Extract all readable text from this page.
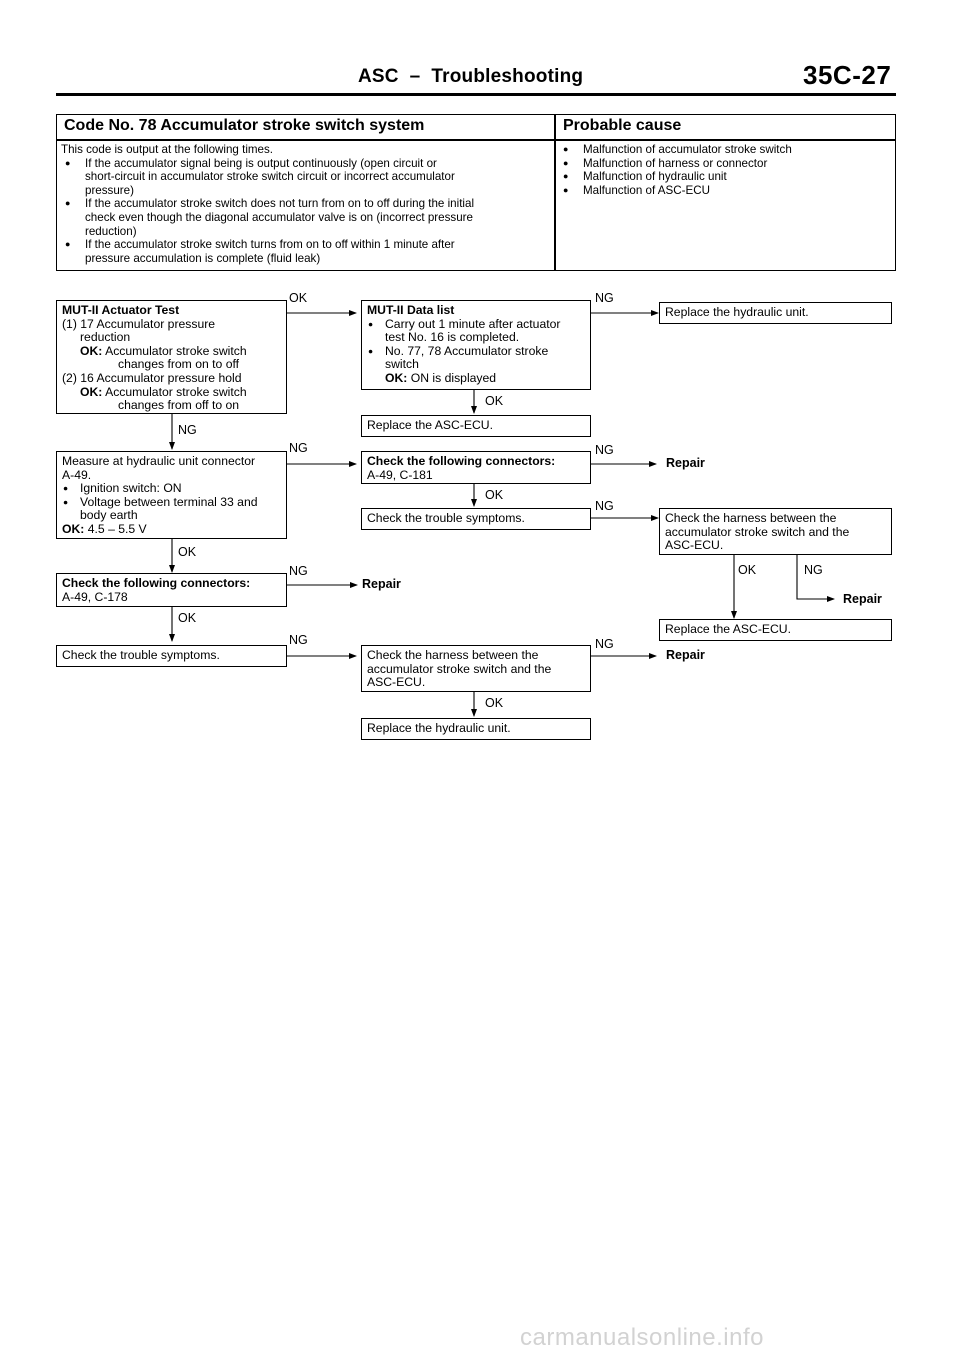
ASC  –  Troubleshooting	35C-27
Code No. 78 Accumulator stroke switch system	Probable cause
This code is output at the following times.
● If the accumulator signal being is output continuously (open circuit or
short-circuit in accumulator stroke switch circuit or incorrect accumulator
pressure)
● If the accumulator stroke switch does not turn from on to off during the initial
check even though the diagonal accumulator valve is on (incorrect pressure
reduction)
● If the accumulator stroke switch turns from on to off within 1 minute after
pressure accumulation is complete (fluid leak)
● Malfunction of accumulator stroke switch
● Malfunction of harness or connector
● Malfunction of hydraulic unit
● Malfunction of ASC-ECU
OK	NG
OK
NG
NG	NG
OK
NG
OK
NG	OK	NG
OK
NG	NG
OK
Repair
Repair
Repair
Repair
MUT-II Actuator Test
(1) 17 Accumulator pressure
reduction
OK: Accumulator stroke switch
changes from on to off
(2) 16 Accumulator pressure hold
OK: Accumulator stroke switch
changes from off to on
MUT-II Data list
● Carry out 1 minute after actuator
test No. 16 is completed.
● No. 77, 78 Accumulator stroke
switch
OK: ON is displayed
Replace the hydraulic unit.
Replace the ASC-ECU.
Measure at hydraulic unit connector
A-49.
● Ignition switch: ON
● Voltage between terminal 33 and
body earth
OK: 4.5 – 5.5 V
Check the following connectors:
A-49, C-181
Check the trouble symptoms.	Check the harness between the
accumulator stroke switch and the
ASC-ECU.
Check the following connectors:
A-49, C-178
Replace the ASC-ECU.
Check the trouble symptoms.	Check the harness between the
accumulator stroke switch and the
ASC-ECU.
Replace the hydraulic unit.
carmanualsonline.info
